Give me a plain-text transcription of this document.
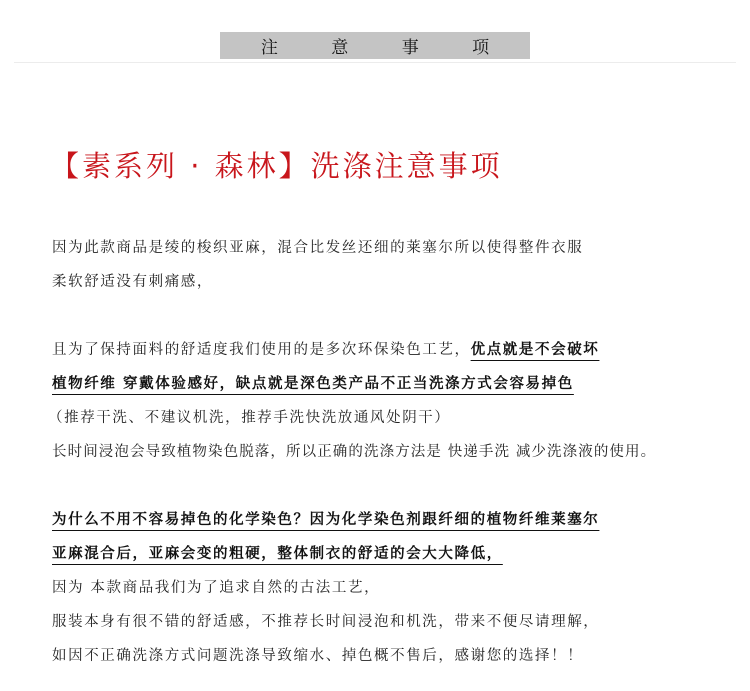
注 意 事 项
【素系列 · 森林】洗涤注意事项
因为此款商品是绫的梭织亚麻，混合比发丝还细的莱塞尔所以使得整件衣服
柔软舒适没有刺痛感，
且为了保持面料的舒适度我们使用的是多次环保染色工艺，优点就是不会破坏
植物纤维 穿戴体验感好，缺点就是深色类产品不正当洗涤方式会容易掉色
（推荐干洗、不建议机洗，推荐手洗快洗放通风处阴干）
长时间浸泡会导致植物染色脱落，所以正确的洗涤方法是 快递手洗 减少洗涤液的使用。
为什么不用不容易掉色的化学染色？因为化学染色剂跟纤细的植物纤维莱塞尔
亚麻混合后，亚麻会变的粗硬，整体制衣的舒适的会大大降低，
因为 本款商品我们为了追求自然的古法工艺，
服装本身有很不错的舒适感，不推荐长时间浸泡和机洗，带来不便尽请理解，
如因不正确洗涤方式问题洗涤导致缩水、掉色概不售后，感谢您的选择！！
